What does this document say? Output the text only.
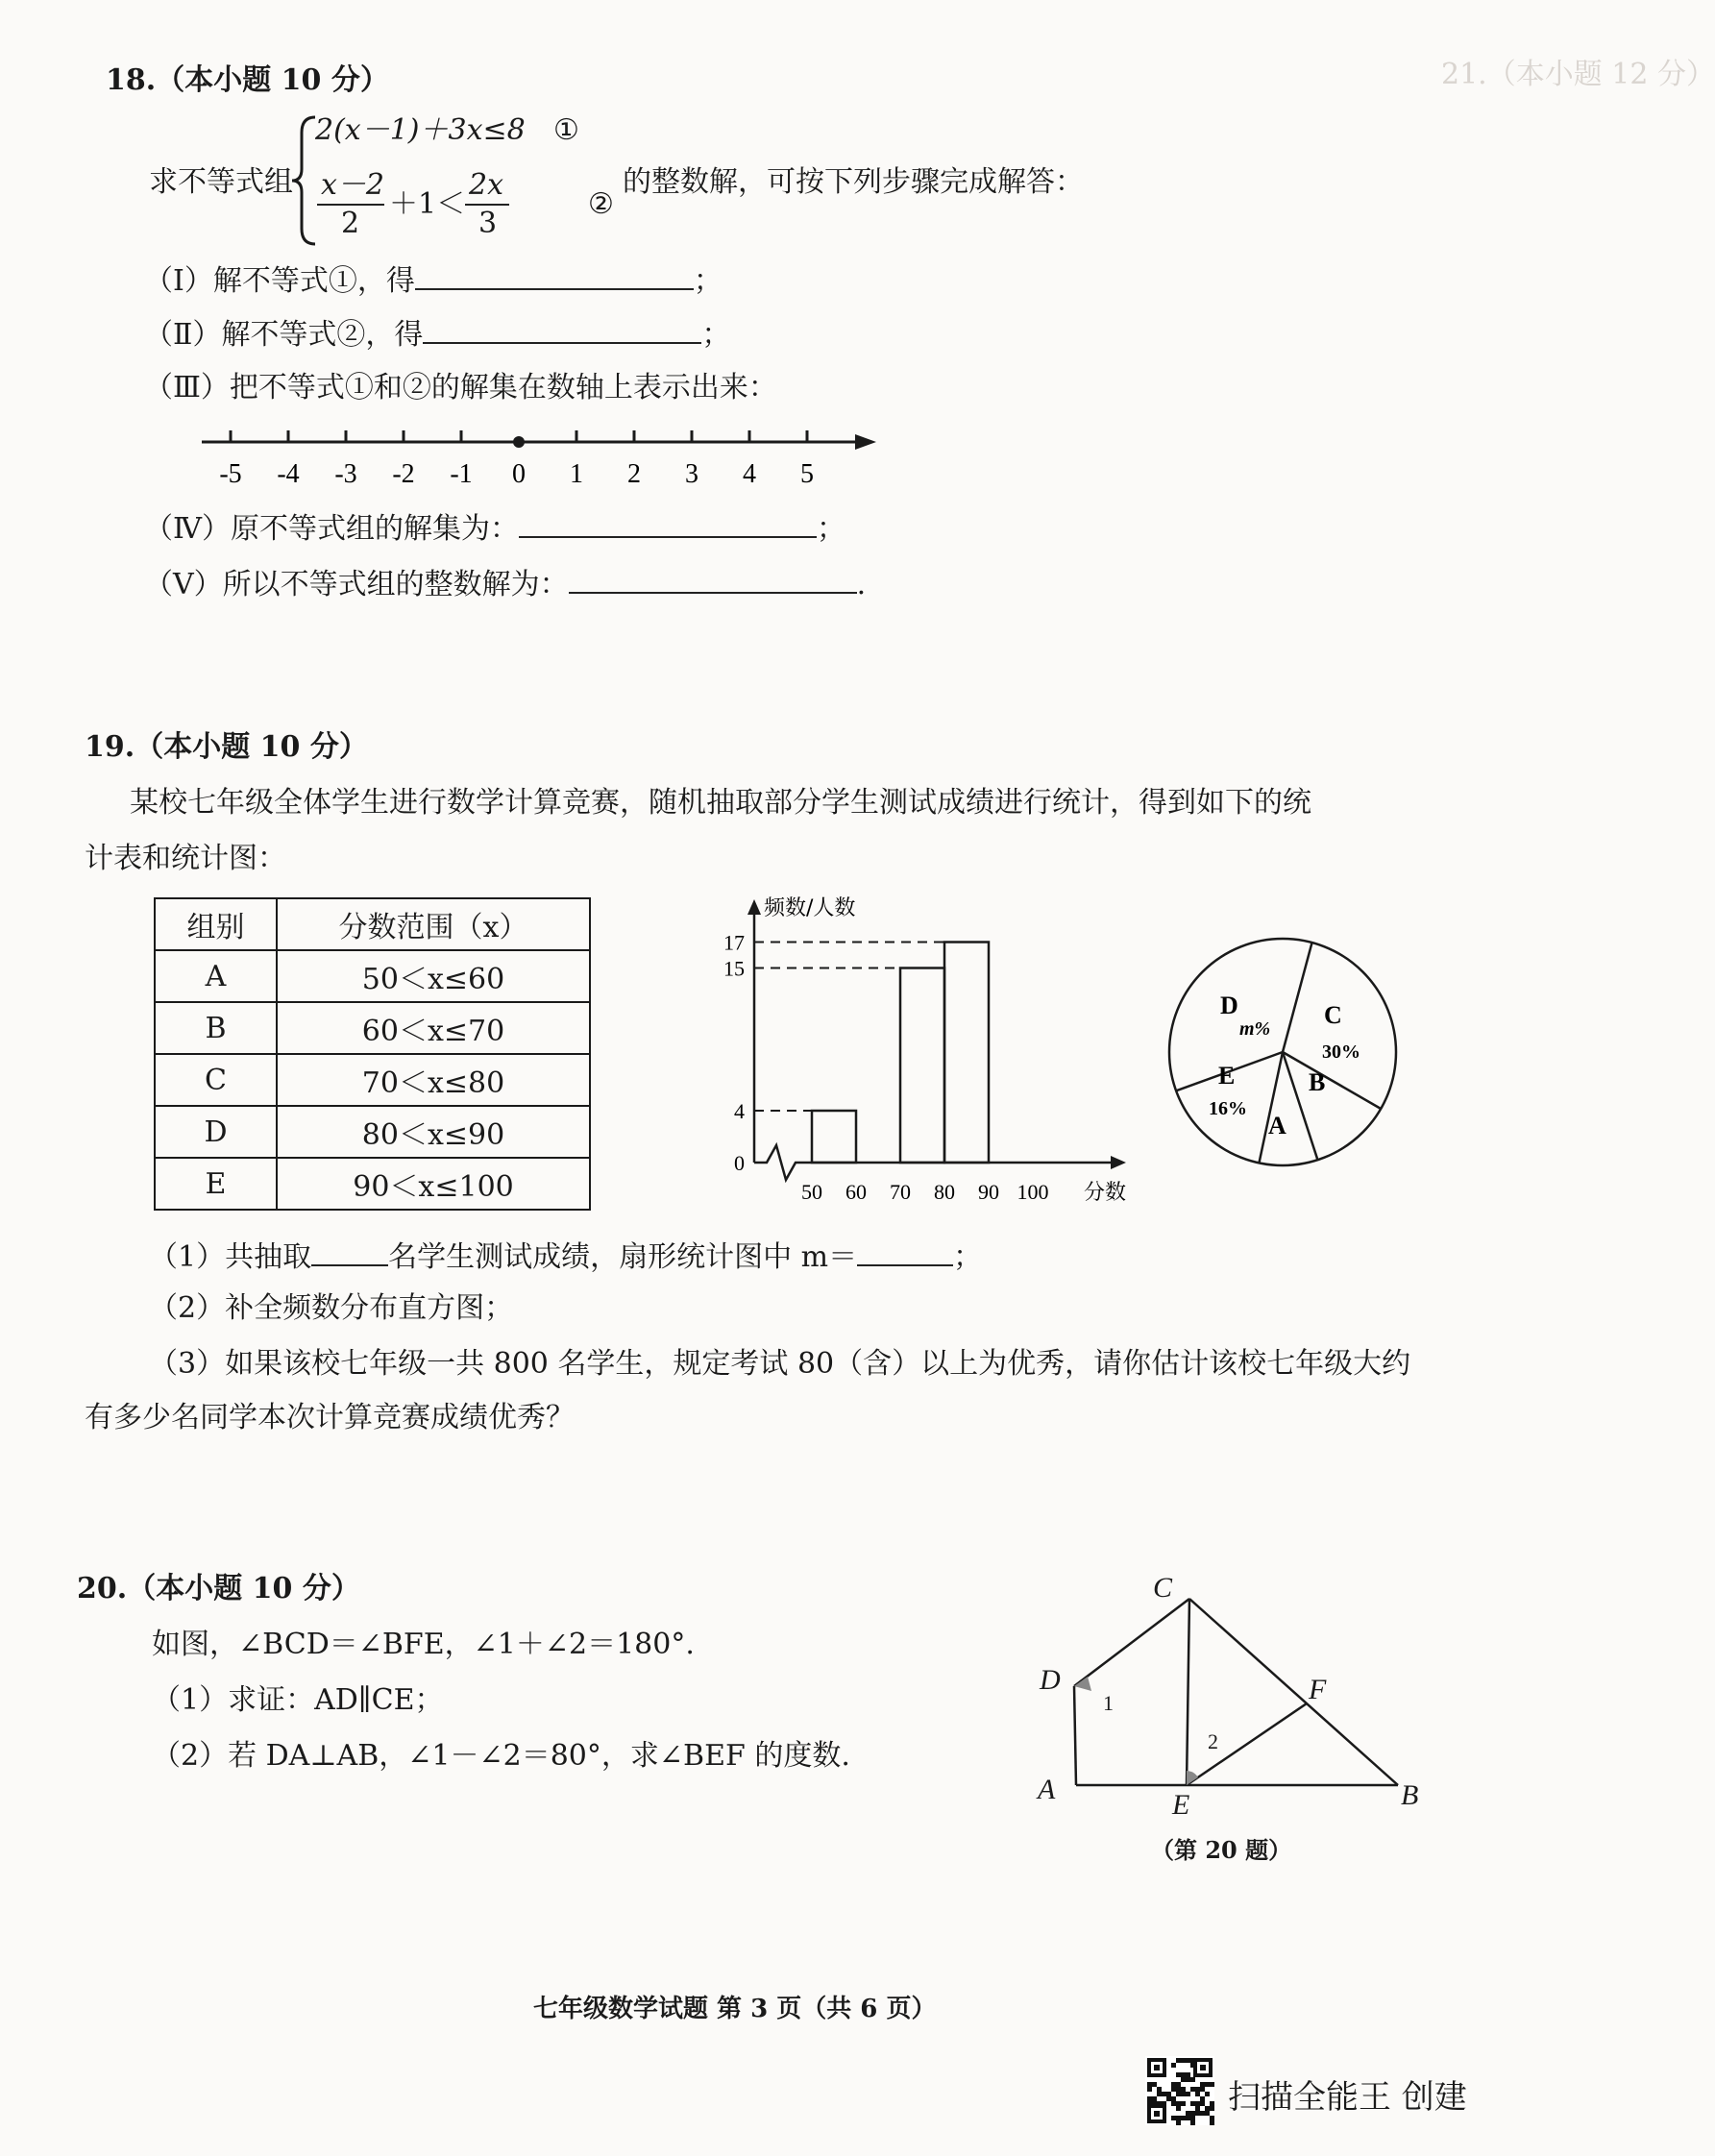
21.（本小题 12 分）
18.（本小题 10 分）
求不等式组
2(x－1)＋3x≤8 ①
x－2
2
＋1＜
2x
3
②
的整数解，可按下列步骤完成解答：
（Ⅰ）解不等式①，得	；
（Ⅱ）解不等式②，得	；
（Ⅲ）把不等式①和②的解集在数轴上表示出来：
-5 -4 -3 -2 -1 0 1 2 3 4 5
（Ⅳ）原不等式组的解集为：	；
（Ⅴ）所以不等式组的整数解为：	.
19.（本小题 10 分）
某校七年级全体学生进行数学计算竞赛，随机抽取部分学生测试成绩进行统计，得到如下的统
计表和统计图：
组别	分数范围（x）
A	50＜x≤60
B	60＜x≤70
C	70＜x≤80
D	80＜x≤90
E	90＜x≤100
频数/人数
分数
0
4
15
17
50 60 70 80 90 100
D
m% C
30%
B
A
E
16%
（1）共抽取	名学生测试成绩，扇形统计图中 m＝	；
（2）补全频数分布直方图；
（3）如果该校七年级一共 800 名学生，规定考试 80（含）以上为优秀，请你估计该校七年级大约
有多少名同学本次计算竞赛成绩优秀？
20.（本小题 10 分）
如图，∠BCD＝∠BFE，∠1＋∠2＝180°.
（1）求证：AD∥CE；
（2）若 DA⊥AB，∠1－∠2＝80°，求∠BEF 的度数.
A	B
C
D
E
F
1
2
（第 20 题）
七年级数学试题 第 3 页（共 6 页）
扫描全能王 创建
